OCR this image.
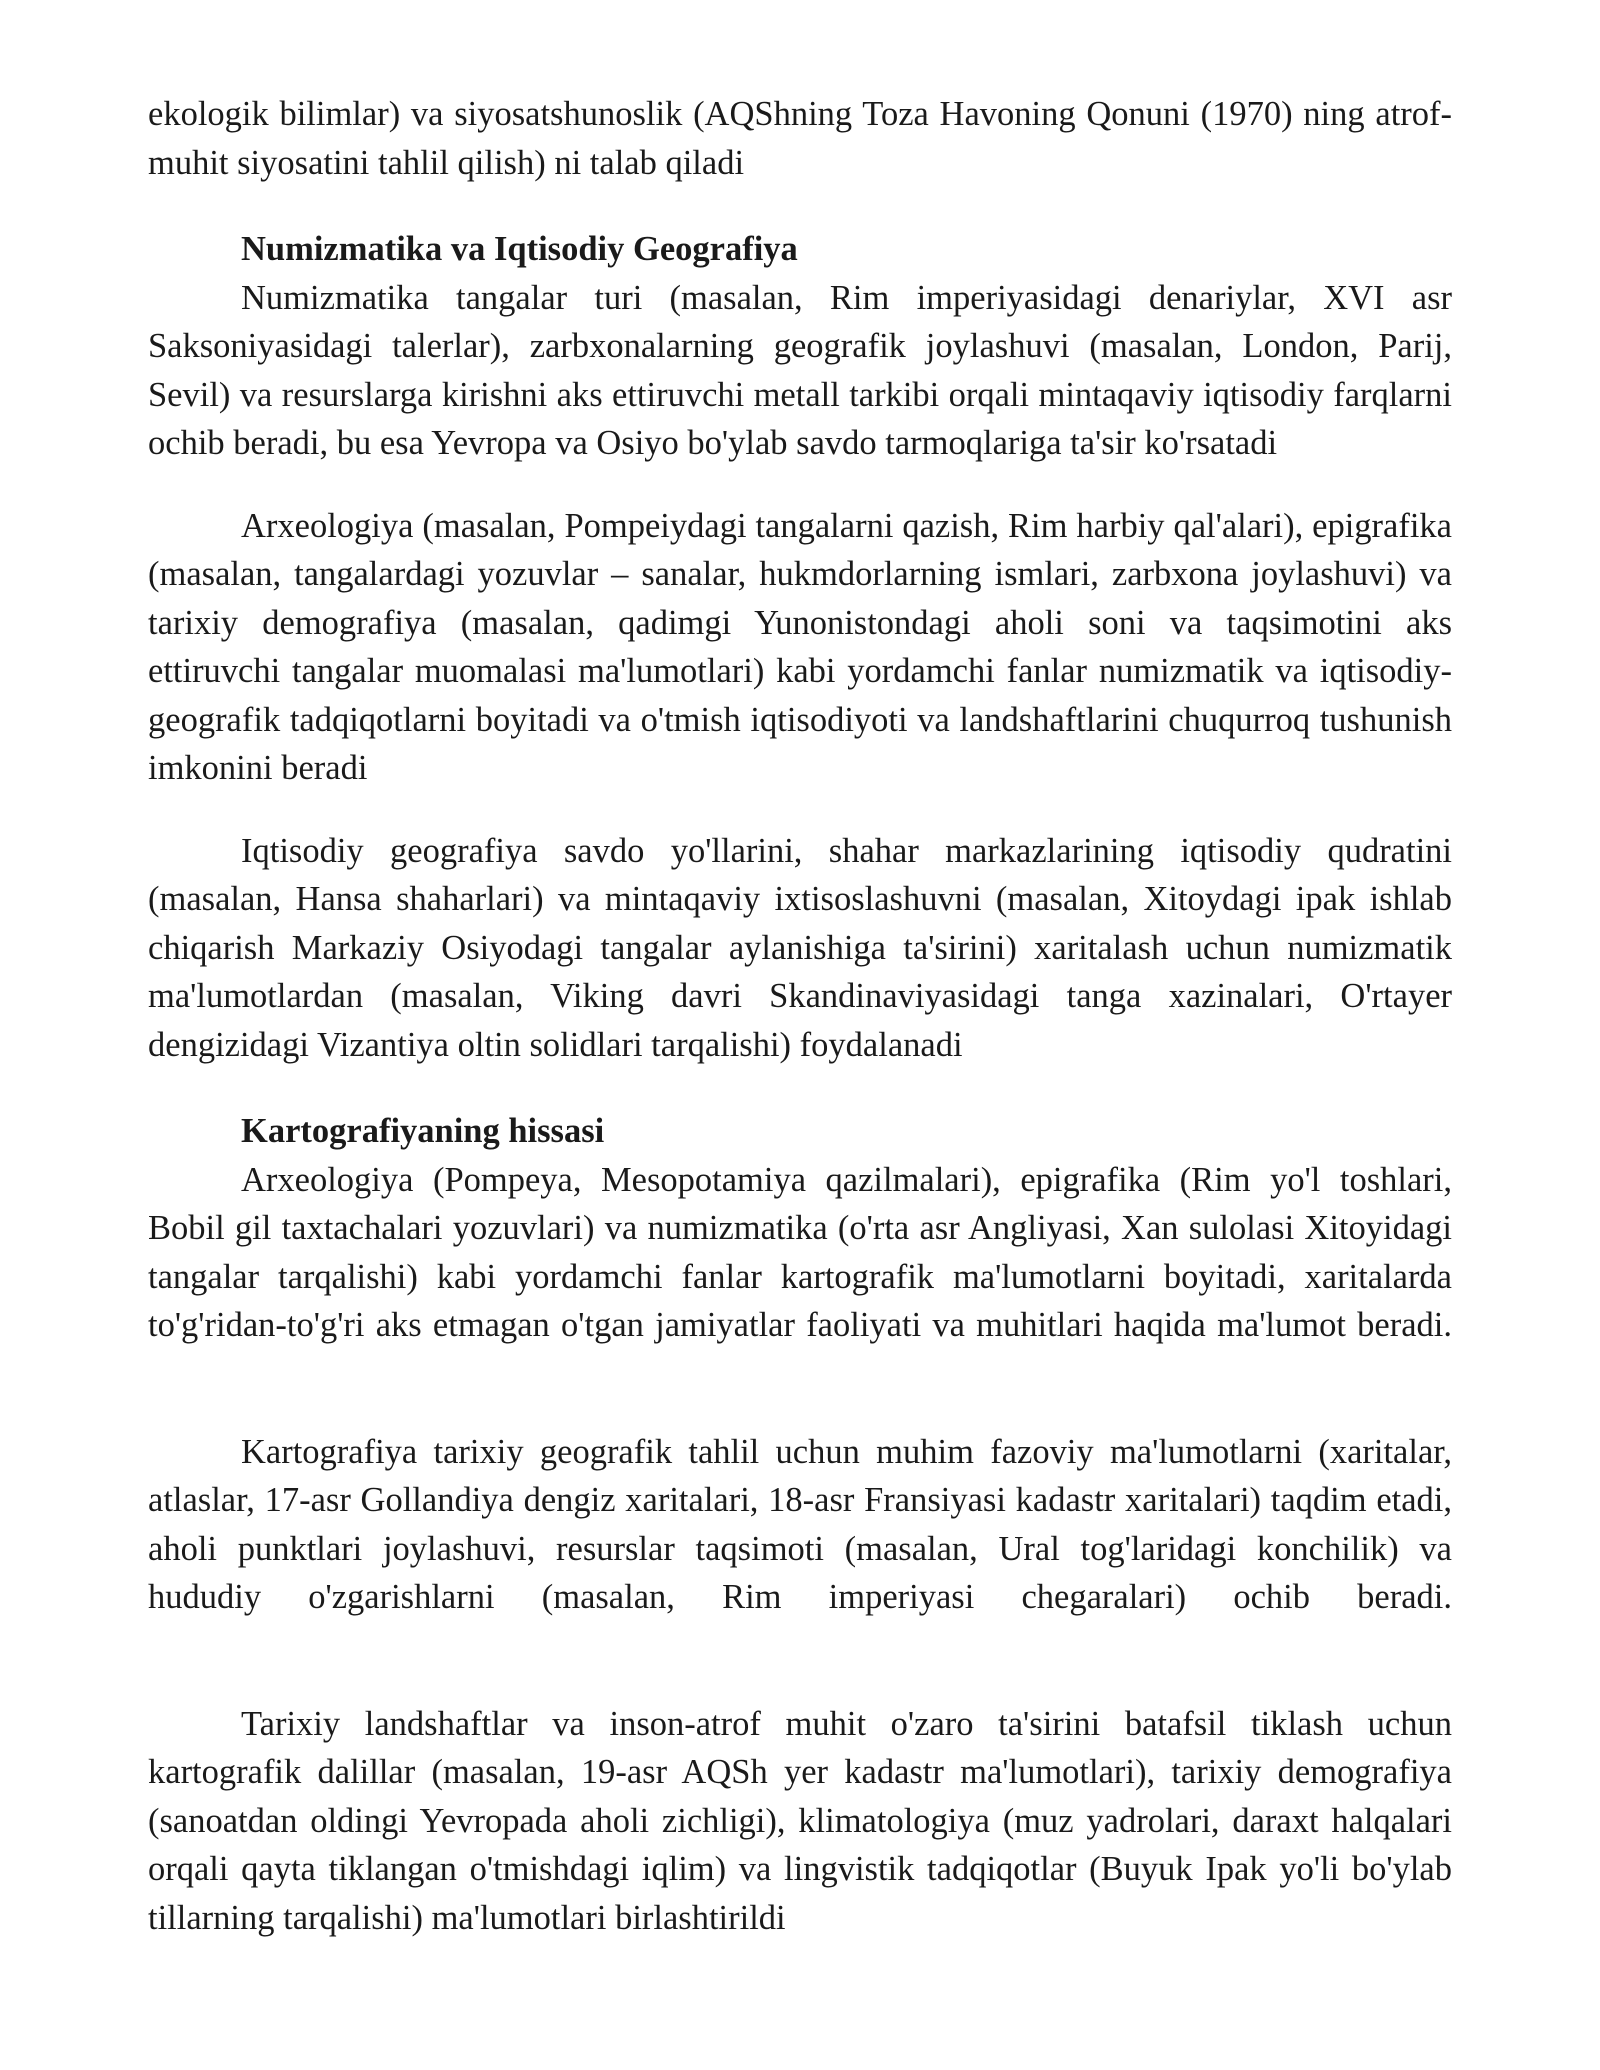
ekologik bilimlar) va siyosatshunoslik (AQShning Toza Havoning Qonuni (1970) ning atrof-muhit siyosatini tahlil qilish) ni talab qiladi

Numizmatika va Iqtisodiy Geografiya

Numizmatika tangalar turi (masalan, Rim imperiyasidagi denariylar, XVI asr Saksoniyasidagi talerlar), zarbxonalarning geografik joylashuvi (masalan, London, Parij, Sevil) va resurslarga kirishni aks ettiruvchi metall tarkibi orqali mintaqaviy iqtisodiy farqlarni ochib beradi, bu esa Yevropa va Osiyo bo'ylab savdo tarmoqlariga ta'sir ko'rsatadi

Arxeologiya (masalan, Pompeiydagi tangalarni qazish, Rim harbiy qal'alari), epigrafika (masalan, tangalardagi yozuvlar – sanalar, hukmdorlarning ismlari, zarbxona joylashuvi) va tarixiy demografiya (masalan, qadimgi Yunonistondagi aholi soni va taqsimotini aks ettiruvchi tangalar muomalasi ma'lumotlari) kabi yordamchi fanlar numizmatik va iqtisodiy-geografik tadqiqotlarni boyitadi va o'tmish iqtisodiyoti va landshaftlarini chuqurroq tushunish imkonini beradi

Iqtisodiy geografiya savdo yo'llarini, shahar markazlarining iqtisodiy qudratini (masalan, Hansa shaharlari) va mintaqaviy ixtisoslashuvni (masalan, Xitoydagi ipak ishlab chiqarish Markaziy Osiyodagi tangalar aylanishiga ta'sirini) xaritalash uchun numizmatik ma'lumotlardan (masalan, Viking davri Skandinaviyasidagi tanga xazinalari, O'rtayer dengizidagi Vizantiya oltin solidlari tarqalishi) foydalanadi

Kartografiyaning hissasi

Arxeologiya (Pompeya, Mesopotamiya qazilmalari), epigrafika (Rim yo'l toshlari, Bobil gil taxtachalari yozuvlari) va numizmatika (o'rta asr Angliyasi, Xan sulolasi Xitoyidagi tangalar tarqalishi) kabi yordamchi fanlar kartografik ma'lumotlarni boyitadi, xaritalarda to'g'ridan-to'g'ri aks etmagan o'tgan jamiyatlar faoliyati va muhitlari haqida ma'lumot beradi.

Kartografiya tarixiy geografik tahlil uchun muhim fazoviy ma'lumotlarni (xaritalar, atlaslar, 17-asr Gollandiya dengiz xaritalari, 18-asr Fransiyasi kadastr xaritalari) taqdim etadi, aholi punktlari joylashuvi, resurslar taqsimoti (masalan, Ural tog'laridagi konchilik) va hududiy o'zgarishlarni (masalan, Rim imperiyasi chegaralari) ochib beradi.

Tarixiy landshaftlar va inson-atrof muhit o'zaro ta'sirini batafsil tiklash uchun kartografik dalillar (masalan, 19-asr AQSh yer kadastr ma'lumotlari), tarixiy demografiya (sanoatdan oldingi Yevropada aholi zichligi), klimatologiya (muz yadrolari, daraxt halqalari orqali qayta tiklangan o'tmishdagi iqlim) va lingvistik tadqiqotlar (Buyuk Ipak yo'li bo'ylab tillarning tarqalishi) ma'lumotlari birlashtirildi
